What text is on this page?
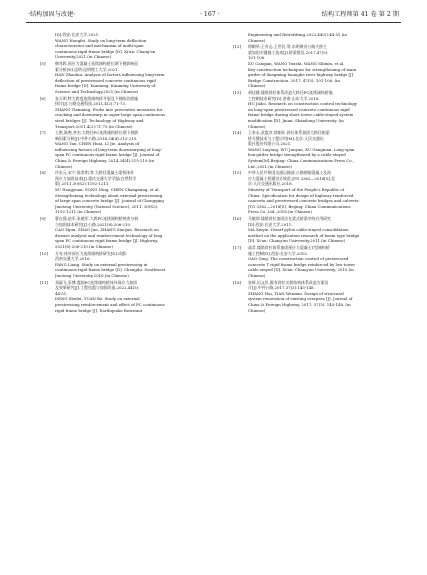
·结构加固与改建·	· 167 ·	结构工程师第 41 卷 第 2 期
[D].西安:长安大学,2021.
WANG Hongfei. Study on long-term deflection
characteristics and mechanism of multi-span
continuous rigid frame bridge [D]. Xi'an: Chang'an
University,2021.(in Chinese)
[5] 韩兆晖.预应力混凝土连续刚构桥长期下挠影响因
素分析[D].昆明:昆明理工大学,2021.
HAN Zhaohui. Analysis of factors influencing long-term
deflection of prestressed concrete continuous rigid
frame bridge [D]. Kunming: Kunming University of
Science and Technology,2021.(in Chinese)
[6] 张天明.特大跨度连续刚构桥开裂及下挠防治措施
探讨[J].公路交通科技,2011,4(2):71-73.
ZHANG Tianming. Probe into preventive measures for
cracking and downwarp in super-large span continuous
steel bridges [J]. Technology of Highway and
Transport,2011,4(2):71-73.(in Chinese)
[7] 王艳,陈煦,李杰.大跨径PC连续刚构桥长期下挠影
响因素分析[J].中外公路,2014,34(4):215-219.
WANG Yan, CHEN Huai, LI Jie. Analysis of
influencing factors of long-term downwarping of long-
span PC continuous rigid frame bridge [J]. Journal of
China & Foreign Highway, 2014,34(4):215-219.(in
Chinese)
[8] 许宏元,宋宁,陈常明,等.大跨径混凝土梁桥体外
预应力加固技术[J].重庆交通大学学报(自然科学
版),2011,30(S2):1192-1211.
XU Hongyuan, SONG Ning, CHEN Changming, et al.
Strengthening technology about external prestressing
of large span concrete bridge [J]. Journal of Chongqing
Jiaotong University (Natural Science), 2011, 30(S2):
1192-1211.(in Chinese)
[9] 曹自强,赵军,张晓军.大跨PC连续刚构桥病害分析
与加固技术研究[J].公路,2021(8):206-210.
CAO Zijun, ZHAO Jun, ZHANG Xiaojun. Research on
disease analysis and reinforcement technology of long
span PC continuous rigid frame bridge [J]. Highway,
2021(8):206-210.(in Chinese)
[10] 方亮.体外预应力连续刚构桥研究[D].成都:
西南交通大学,2016.
FANG Liang. Study on external prestressing in
continuous rigid frame bridge [D]. Chengdu: Southwest
Jiaotong University,2016.(in Chinese)
[11] 邓淑飞,袁博.震损PC连续刚构桥体外预应力加固
及效果研究[J].工程抗震与加固改造,2022,44(5):
44-51.
DENG Shufei, YUAN Bo. Study on external
prestressing reinforcement and effect of PC continuous
rigid frame bridge [J]. Earthquake Resistant
Engineering and Retrofitting,2022,44(5):44-51.(in
Chinese)
[12] 徐婀华,王有志,王世民,等.东明黄河公路大桥主
梁加固关键施工技术[J].桥梁建设,2017,47(5):
101-106.
XU Canqian, WANG Youzhi, WANG Shimin, et al.
Key construction techniques for strengthening of main
girder of dongming huanghe river highway bridge [J].
Bridge Construction. 2017, 47(5): 101-106. (in
Chinese)
[13] 胡佳健.矮塔斜拉体系改造大跨径PC连续刚构桥施
工控制技术研究[D].济南:山东大学,2018.
HU Jiabo. Research on construction control technology
on long-span prestressed concrete continuous rigid
frame bridge during short tower cable-stayed system
modification [D]. Jinan: Shandong University. (in
Chinese)
[14] 王来永,武俊彦,徐刚年.斜拉体系加固大跨径箱梁
桥关键技术与工程应用[M].北京:人民交通出
版社股份有限公司,2021.
WANG Laiyong, WU Junyan, XU Gangnian. Long-span
box-girder bridge strengthened by a cable-stayed
System[M].Beijing: China Communications Press Co.,
Ltd.,2021.(in Chinese)
[15] 中华人民共和国交通运输部.公路钢筋混凝土及预
应力混凝土桥涵设计规范:JTG 3362—2018[S].北
京:人民交通出版社,2018.
Ministry of Transport of the People's Republic of
China. Specification for design of highway reinforced
concrete and prestressed concrete bridges and culverts:
JTG 3362—2018[S]. Beijing: China Communications
Press Co.,Ltd.,2018.(in Chinese)
[16] 马敏仰.矮塔斜拉加固法在梁式桥梁中的应用研究
[D].西安:长安大学,2011.
MA Xinyin. Dwarf pylon cable-stayed consolidation
method on the application research of beam type bridge
[D]. Xi'an: Chang'an University,2011.(in Chinese)
[17] 高青.矮塔斜拉体系加固预应力混凝土T型刚构桥
施工控制[D].西安:长安大学,2015.
GAO Qing. The construction control of prestressed
concrete T rigid frame bridge reinforced by low tower
cable-stayed [D]. Xi'an: Chang'an University, 2015.(in
Chinese)
[18] 张辉,田文民.既有斜拉关桥结构体系改造方案设
计[J].中外公路,2017,37(3):145-148.
ZHANG Hui, TIAN Wenmin. Design of structural
system renovation of existing overpass [J]. Journal of
China & Foreign Highway, 2017, 37(3): 145-148. (in
Chinese)
